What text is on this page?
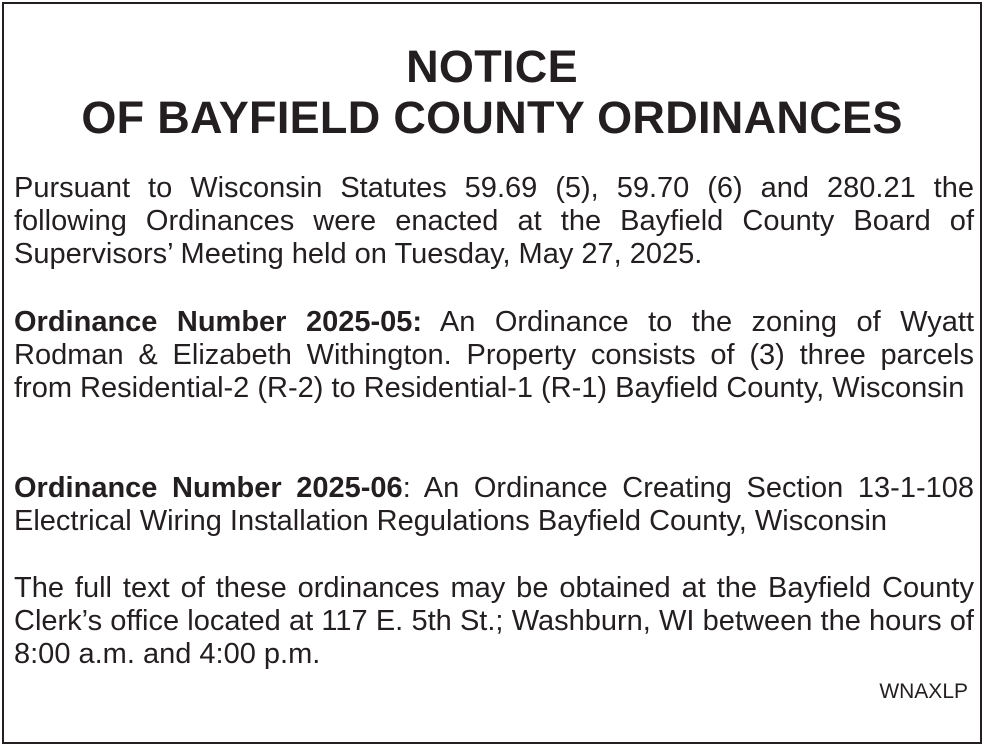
NOTICE
OF BAYFIELD COUNTY ORDINANCES

Pursuant to Wisconsin Statutes 59.69 (5), 59.70 (6) and 280.21 the following Ordinances were enacted at the Bayfield County Board of Supervisors’ Meeting held on Tuesday, May 27, 2025.

Ordinance Number 2025-05: An Ordinance to the zoning of Wyatt Rodman & Elizabeth Withington. Property consists of (3) three parcels from Residential-2 (R-2) to Residential-1 (R-1) Bayfield County, Wisconsin

Ordinance Number 2025-06: An Ordinance Creating Section 13-1-108 Electrical Wiring Installation Regulations Bayfield County, Wisconsin

The full text of these ordinances may be obtained at the Bayfield County Clerk’s office located at 117 E. 5th St.; Washburn, WI between the hours of 8:00 a.m. and 4:00 p.m.

WNAXLP
